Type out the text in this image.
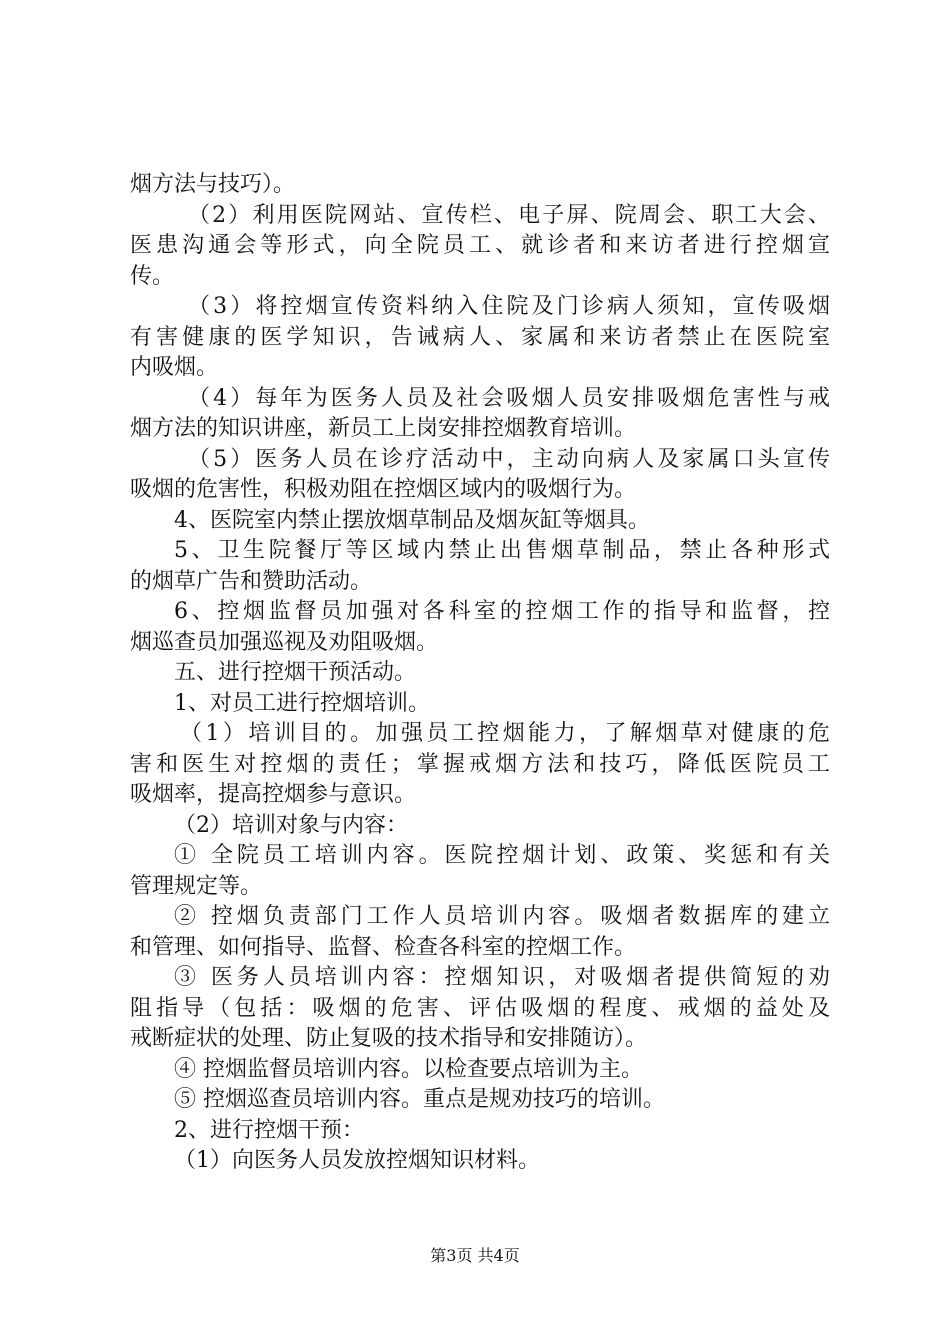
烟方法与技巧）。
（2）利用医院网站、宣传栏、电子屏、院周会、职工大会、
医患沟通会等形式，向全院员工、就诊者和来访者进行控烟宣
传。
（3）将控烟宣传资料纳入住院及门诊病人须知，宣传吸烟
有害健康的医学知识，告诫病人、家属和来访者禁止在医院室
内吸烟。
（4）每年为医务人员及社会吸烟人员安排吸烟危害性与戒
烟方法的知识讲座，新员工上岗安排控烟教育培训。
（5）医务人员在诊疗活动中，主动向病人及家属口头宣传
吸烟的危害性，积极劝阻在控烟区域内的吸烟行为。
4、医院室内禁止摆放烟草制品及烟灰缸等烟具。
5、卫生院餐厅等区域内禁止出售烟草制品，禁止各种形式
的烟草广告和赞助活动。
6、控烟监督员加强对各科室的控烟工作的指导和监督，控
烟巡查员加强巡视及劝阻吸烟。
五、进行控烟干预活动。
1、对员工进行控烟培训。
（1）培训目的。加强员工控烟能力，了解烟草对健康的危
害和医生对控烟的责任；掌握戒烟方法和技巧，降低医院员工
吸烟率，提高控烟参与意识。
（2）培训对象与内容：
① 全院员工培训内容。医院控烟计划、政策、奖惩和有关
管理规定等。
② 控烟负责部门工作人员培训内容。吸烟者数据库的建立
和管理、如何指导、监督、检查各科室的控烟工作。
③ 医务人员培训内容：控烟知识，对吸烟者提供简短的劝
阻指导（包括：吸烟的危害、评估吸烟的程度、戒烟的益处及
戒断症状的处理、防止复吸的技术指导和安排随访）。
④ 控烟监督员培训内容。以检查要点培训为主。
⑤ 控烟巡查员培训内容。重点是规劝技巧的培训。
2、进行控烟干预：
（1）向医务人员发放控烟知识材料。
第3页 共4页
